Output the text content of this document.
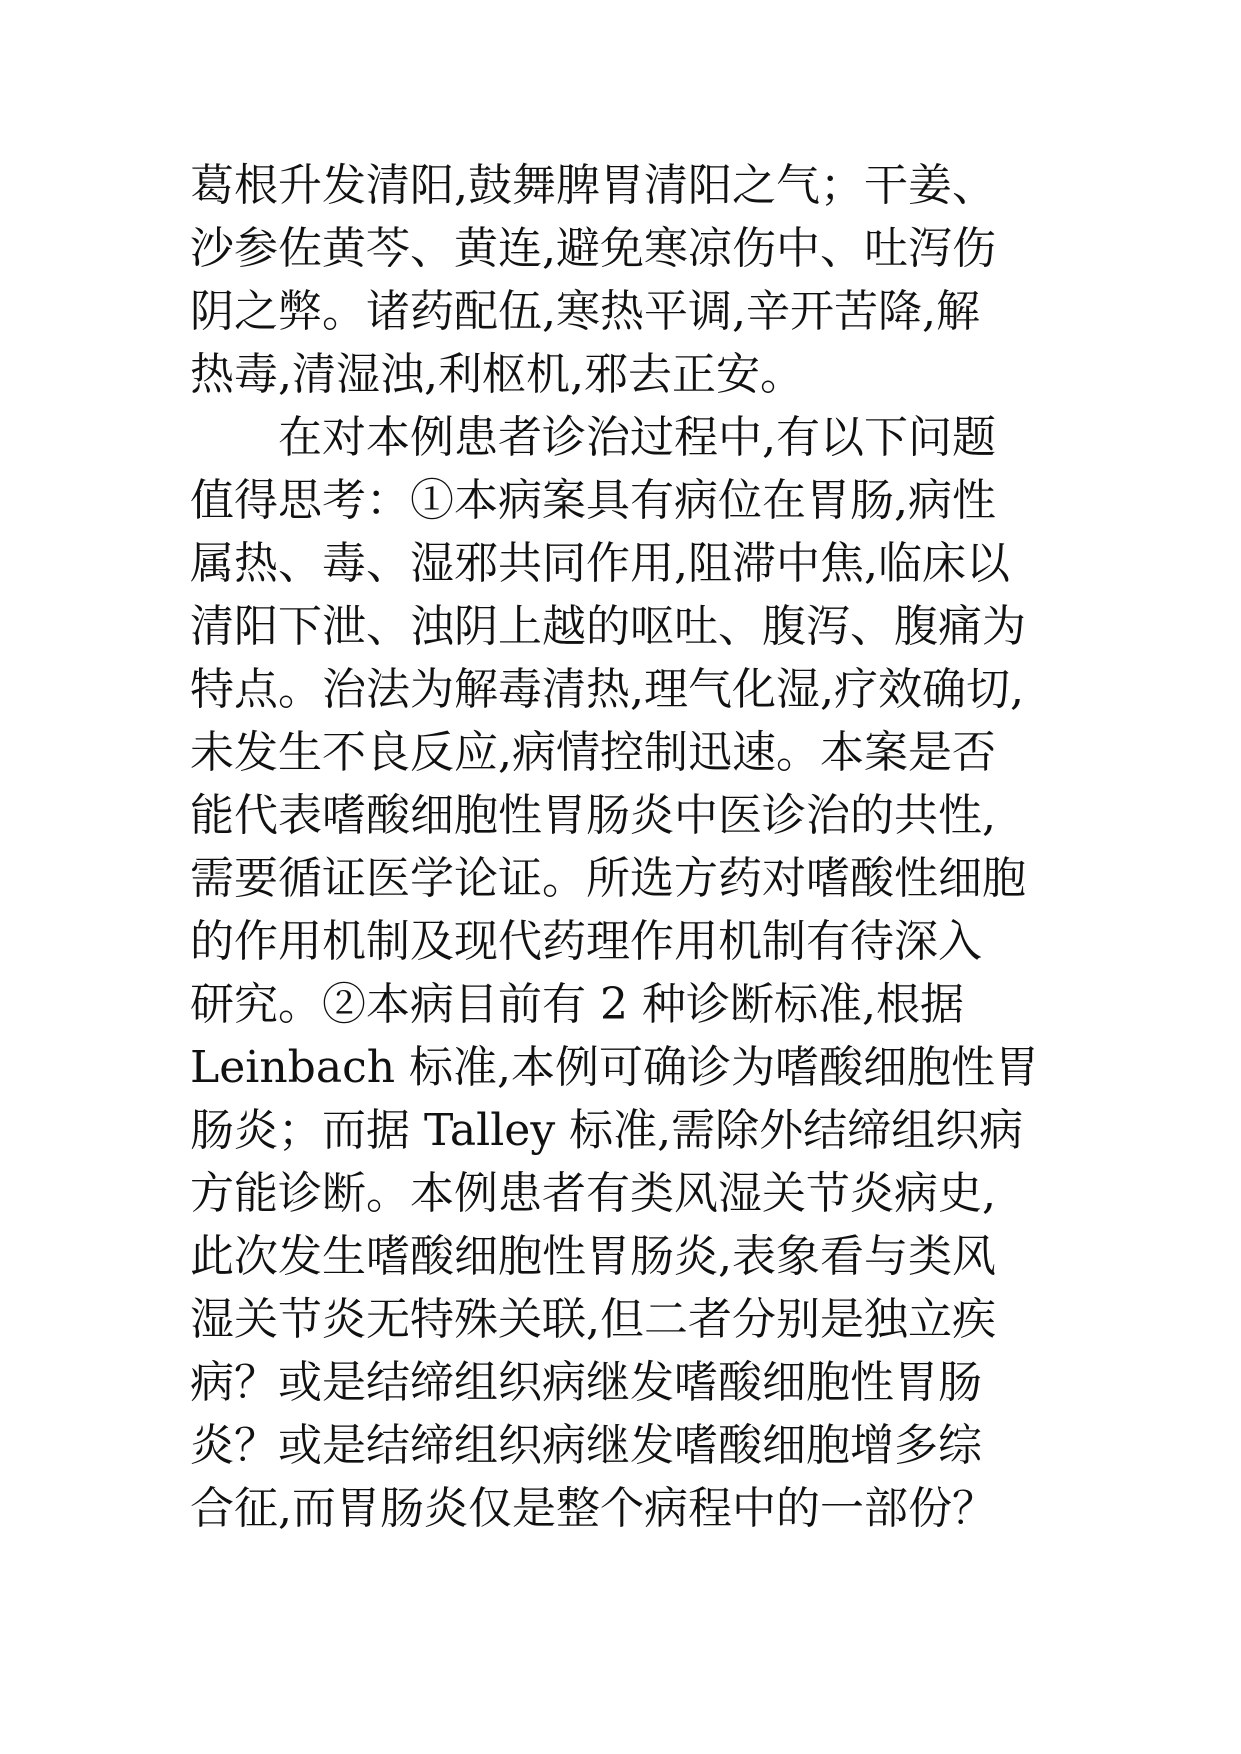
葛根升发清阳,鼓舞脾胃清阳之气；干姜、
沙参佐黄芩、黄连,避免寒凉伤中、吐泻伤
阴之弊。诸药配伍,寒热平调,辛开苦降,解
热毒,清湿浊,利枢机,邪去正安。
　　在对本例患者诊治过程中,有以下问题
值得思考：①本病案具有病位在胃肠,病性
属热、毒、湿邪共同作用,阻滞中焦,临床以
清阳下泄、浊阴上越的呕吐、腹泻、腹痛为
特点。治法为解毒清热,理气化湿,疗效确切,
未发生不良反应,病情控制迅速。本案是否
能代表嗜酸细胞性胃肠炎中医诊治的共性,
需要循证医学论证。所选方药对嗜酸性细胞
的作用机制及现代药理作用机制有待深入
研究。②本病目前有 2 种诊断标准,根据
Leinbach 标准,本例可确诊为嗜酸细胞性胃
肠炎；而据 Talley 标准,需除外结缔组织病
方能诊断。本例患者有类风湿关节炎病史,
此次发生嗜酸细胞性胃肠炎,表象看与类风
湿关节炎无特殊关联,但二者分别是独立疾
病？或是结缔组织病继发嗜酸细胞性胃肠
炎？或是结缔组织病继发嗜酸细胞增多综
合征,而胃肠炎仅是整个病程中的一部份？
